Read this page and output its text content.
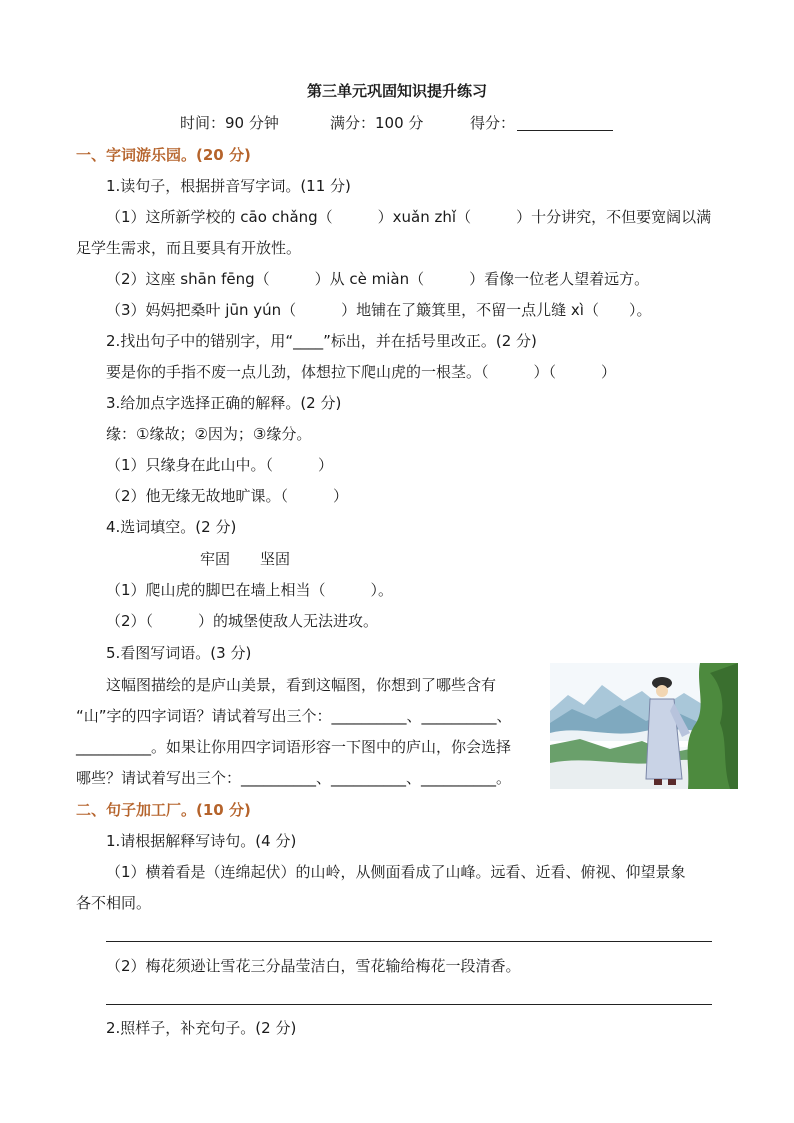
第三单元巩固知识提升练习
时间：90 分钟	满分：100 分	得分：
一、字词游乐园。(20 分)
1.读句子，根据拼音写字词。(11 分)
（1）这所新学校的 cāo chǎng（　　　）xuǎn zhǐ（　　　）十分讲究，不但要宽阔以满
足学生需求，而且要具有开放性。
（2）这座 shān fēng（　　　）从 cè miàn（　　　）看像一位老人望着远方。
（3）妈妈把桑叶 jūn yún（　　　）地铺在了簸箕里，不留一点儿缝 xì（　　）。
2.找出句子中的错别字，用“____”标出，并在括号里改正。(2 分)
要是你的手指不废一点儿劲，体想拉下爬山虎的一根茎。（　　　）（　　　）
3.给加点字选择正确的解释。(2 分)
缘：①缘故；②因为；③缘分。
（1）只缘身在此山中。（　　　）
（2）他无缘无故地旷课。（　　　）
4.选词填空。(2 分)
牢固　　坚固
（1）爬山虎的脚巴在墙上相当（　　　）。
（2）（　　　）的城堡使敌人无法进攻。
5.看图写词语。(3 分)
这幅图描绘的是庐山美景，看到这幅图，你想到了哪些含有
“山”字的四字词语？请试着写出三个：__________、__________、
__________。如果让你用四字词语形容一下图中的庐山，你会选择
哪些？请试着写出三个：__________、__________、__________。
二、句子加工厂。(10 分)
1.请根据解释写诗句。(4 分)
（1）横着看是（连绵起伏）的山岭，从侧面看成了山峰。远看、近看、俯视、仰望景象
各不相同。
（2）梅花须逊让雪花三分晶莹洁白，雪花输给梅花一段清香。
2.照样子，补充句子。(2 分)
